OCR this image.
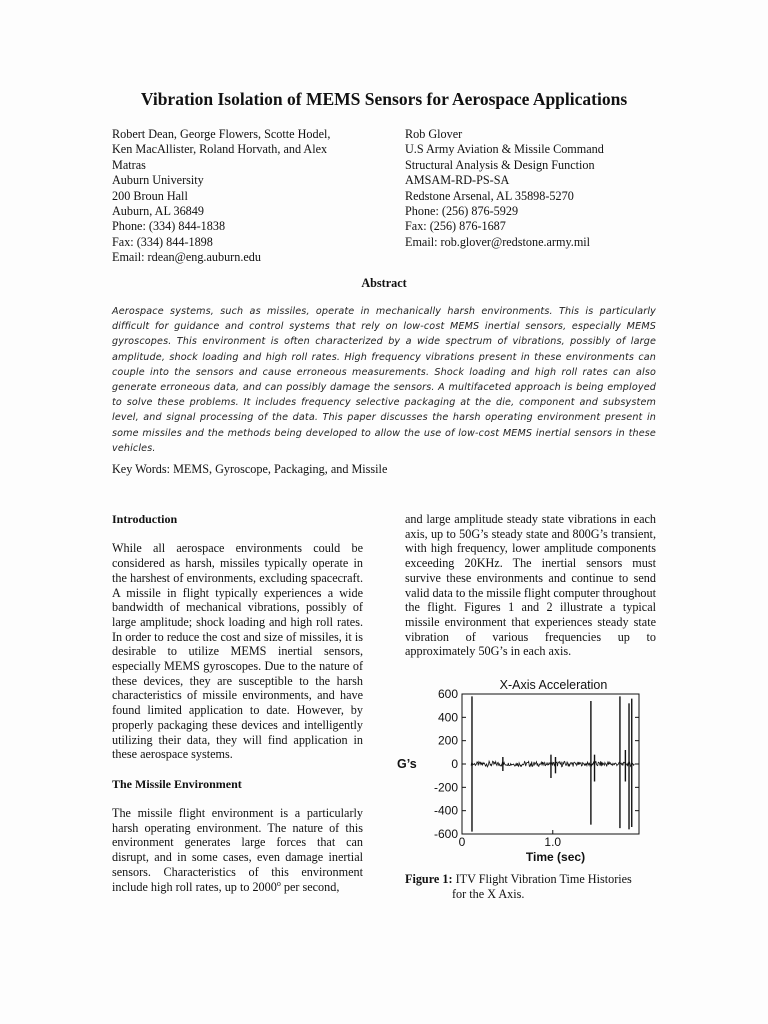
Vibration Isolation of MEMS Sensors for Aerospace Applications
Robert Dean, George Flowers, Scotte Hodel,
Ken MacAllister, Roland Horvath, and Alex
Matras
Auburn University
200 Broun Hall
Auburn, AL 36849
Phone: (334) 844-1838
Fax: (334) 844-1898
Email: rdean@eng.auburn.edu
Rob Glover
U.S Army Aviation & Missile Command
Structural Analysis & Design Function
AMSAM-RD-PS-SA
Redstone Arsenal, AL 35898-5270
Phone: (256) 876-5929
Fax: (256) 876-1687
Email: rob.glover@redstone.army.mil
Abstract
Aerospace systems, such as missiles, operate in mechanically harsh environments. This is particularly difficult for guidance and control systems that rely on low-cost MEMS inertial sensors, especially MEMS gyroscopes. This environment is often characterized by a wide spectrum of vibrations, possibly of large amplitude, shock loading and high roll rates. High frequency vibrations present in these environments can couple into the sensors and cause erroneous measurements. Shock loading and high roll rates can also generate erroneous data, and can possibly damage the sensors. A multifaceted approach is being employed to solve these problems. It includes frequency selective packaging at the die, component and subsystem level, and signal processing of the data. This paper discusses the harsh operating environment present in some missiles and the methods being developed to allow the use of low-cost MEMS inertial sensors in these vehicles.
Key Words: MEMS, Gyroscope, Packaging, and Missile

Introduction

While all aerospace environments could be considered as harsh, missiles typically operate in the harshest of environments, excluding spacecraft. A missile in flight typically experiences a wide bandwidth of mechanical vibrations, possibly of large amplitude; shock loading and high roll rates. In order to reduce the cost and size of missiles, it is desirable to utilize MEMS inertial sensors, especially MEMS gyroscopes. Due to the nature of these devices, they are susceptible to the harsh characteristics of missile environments, and have found limited application to date. However, by properly packaging these devices and intelligently utilizing their data, they will find application in these aerospace systems.

The Missile Environment

The missile flight environment is a particularly harsh operating environment. The nature of this environment generates large forces that can disrupt, and in some cases, even damage inertial sensors. Characteristics of this environment include high roll rates, up to 2000$^o$ per second,

and large amplitude steady state vibrations in each axis, up to 50G’s steady state and 800G’s transient, with high frequency, lower amplitude components exceeding 20KHz. The inertial sensors must survive these environments and continue to send valid data to the missile flight computer throughout the flight. Figures 1 and 2 illustrate a typical missile environment that experiences steady state vibration of various frequencies up to approximately 50G’s in each axis.

X-Axis Acceleration
600
400
200
0
-200
-400
-600
0	1.0
G’s
Time (sec)
Figure 1: ITV Flight Vibration Time Histories
for the X Axis.
